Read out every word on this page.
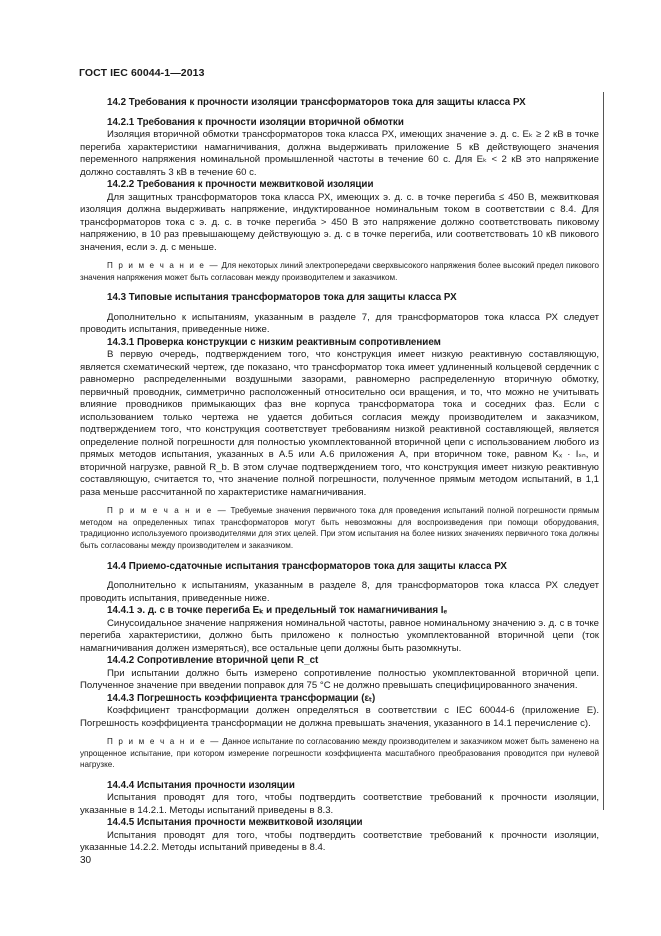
ГОСТ IEC 60044-1—2013

14.2 Требования к прочности изоляции трансформаторов тока для защиты класса РХ

14.2.1 Требования к прочности изоляции вторичной обмотки

Изоляция вторичной обмотки трансформаторов тока класса РХ, имеющих значение э. д. с. Eₖ ≥ 2 кВ в точке перегиба характеристики намагничивания, должна выдерживать приложение 5 кВ действующего значения переменного напряжения номинальной промышленной частоты в течение 60 с. Для Eₖ < 2 кВ это напряжение должно составлять 3 кВ в течение 60 с.

14.2.2 Требования к прочности межвитковой изоляции

Для защитных трансформаторов тока класса РХ, имеющих э. д. с. в точке перегиба ≤ 450 В, межвитковая изоляция должна выдерживать напряжение, индуктированное номинальным током в соответствии с 8.4. Для трансформаторов тока с э. д. с. в точке перегиба > 450 В это напряжение должно соответствовать пиковому напряжению, в 10 раз превышающему действующую э. д. с в точке перегиба, или соответствовать 10 кВ пикового значения, если э. д. с меньше.

П р и м е ч а н и е — Для некоторых линий электропередачи сверхвысокого напряжения более высокий предел пикового значения напряжения может быть согласован между производителем и заказчиком.

14.3 Типовые испытания трансформаторов тока для защиты класса РХ

Дополнительно к испытаниям, указанным в разделе 7, для трансформаторов тока класса РХ следует проводить испытания, приведенные ниже.

14.3.1 Проверка конструкции с низким реактивным сопротивлением

В первую очередь, подтверждением того, что конструкция имеет низкую реактивную составляющую, является схематический чертеж, где показано, что трансформатор тока имеет удлиненный кольцевой сердечник с равномерно распределенными воздушными зазорами, равномерно распределенную вторичную обмотку, первичный проводник, симметрично расположенный относительно оси вращения, и то, что можно не учитывать влияние проводников примыкающих фаз вне корпуса трансформатора тока и соседних фаз. Если с использованием только чертежа не удается добиться согласия между производителем и заказчиком, подтверждением того, что конструкция соответствует требованиям низкой реактивной составляющей, является определение полной погрешности для полностью укомплектованной вторичной цепи с использованием любого из прямых методов испытания, указанных в А.5 или А.6 приложения А, при вторичном токе, равном Kₓ · Iₛₙ, и вторичной нагрузке, равной R_b. В этом случае подтверждением того, что конструкция имеет низкую реактивную составляющую, считается то, что значение полной погрешности, полученное прямым методом испытаний, в 1,1 раза меньше рассчитанной по характеристике намагничивания.

П р и м е ч а н и е — Требуемые значения первичного тока для проведения испытаний полной погрешности прямым методом на определенных типах трансформаторов могут быть невозможны для воспроизведения при помощи оборудования, традиционно используемого производителями для этих целей. При этом испытания на более низких значениях первичного тока должны быть согласованы между производителем и заказчиком.

14.4 Приемо-сдаточные испытания трансформаторов тока для защиты класса РХ

Дополнительно к испытаниям, указанным в разделе 8, для трансформаторов тока класса РХ следует проводить испытания, приведенные ниже.

14.4.1 э. д. с в точке перегиба Eₖ и предельный ток намагничивания Iₑ

Синусоидальное значение напряжения номинальной частоты, равное номинальному значению э. д. с в точке перегиба характеристики, должно быть приложено к полностью укомплектованной вторичной цепи (ток намагничивания должен измеряться), все остальные цепи должны быть разомкнуты.

14.4.2 Сопротивление вторичной цепи R_ct

При испытании должно быть измерено сопротивление полностью укомплектованной вторичной цепи. Полученное значение при введении поправок для 75 °С не должно превышать специфицированного значения.

14.4.3 Погрешность коэффициента трансформации (εₜ)

Коэффициент трансформации должен определяться в соответствии с IEC 60044-6 (приложение Е). Погрешность коэффициента трансформации не должна превышать значения, указанного в 14.1 перечисление с).

П р и м е ч а н и е — Данное испытание по согласованию между производителем и заказчиком может быть заменено на упрощенное испытание, при котором измерение погрешности коэффициента масштабного преобразования проводится при нулевой нагрузке.

14.4.4 Испытания прочности изоляции

Испытания проводят для того, чтобы подтвердить соответствие требований к прочности изоляции, указанные в 14.2.1. Методы испытаний приведены в 8.3.

14.4.5 Испытания прочности межвитковой изоляции

Испытания проводят для того, чтобы подтвердить соответствие требований к прочности изоляции, указанные 14.2.2. Методы испытаний приведены в 8.4.

30
